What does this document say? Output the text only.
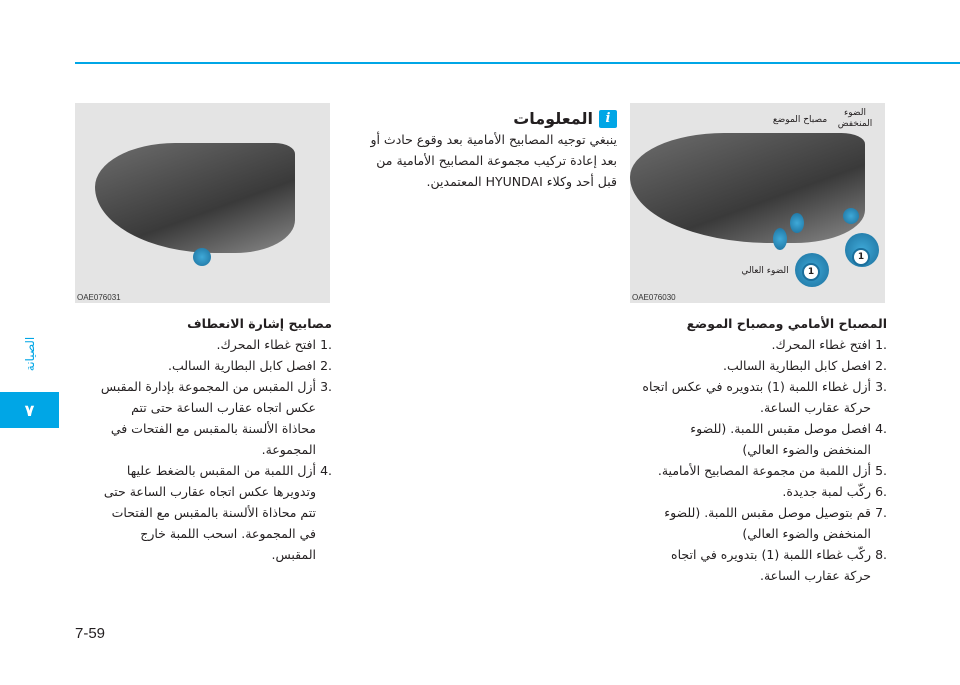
الصيانة
٧
7-59
OAE076031
1
1
الضوء المنخفض
مصباح الموضع
الضوء العالي
OAE076030
مصابيح إشارة الانعطاف
.1
افتح غطاء المحرك.
.2
افصل كابل البطارية السالب.
.3
أزل المقبس من المجموعة بإدارة المقبس عكس اتجاه عقارب الساعة حتى تتم محاذاة الألسنة بالمقبس مع الفتحات في المجموعة.
.4
أزل اللمبة من المقبس بالضغط عليها وتدويرها عكس اتجاه عقارب الساعة حتى تتم محاذاة الألسنة بالمقبس مع الفتحات في المجموعة. اسحب اللمبة خارج المقبس.
i
المعلومات
ينبغي توجيه المصابيح الأمامية بعد وقوع حادث أو بعد إعادة تركيب مجموعة المصابيح الأمامية من قبل أحد وكلاء HYUNDAI المعتمدين.
المصباح الأمامي ومصباح الموضع
.1
افتح غطاء المحرك.
.2
افصل كابل البطارية السالب.
.3
أزل غطاء اللمبة (1) بتدويره في عكس اتجاه حركة عقارب الساعة.
.4
افصل موصل مقبس اللمبة. (للضوء المنخفض والضوء العالي)
.5
أزل اللمبة من مجموعة المصابيح الأمامية.
.6
ركّب لمبة جديدة.
.7
قم بتوصيل موصل مقبس اللمبة. (للضوء المنخفض والضوء العالي)
.8
ركّب غطاء اللمبة (1) بتدويره في اتجاه حركة عقارب الساعة.
